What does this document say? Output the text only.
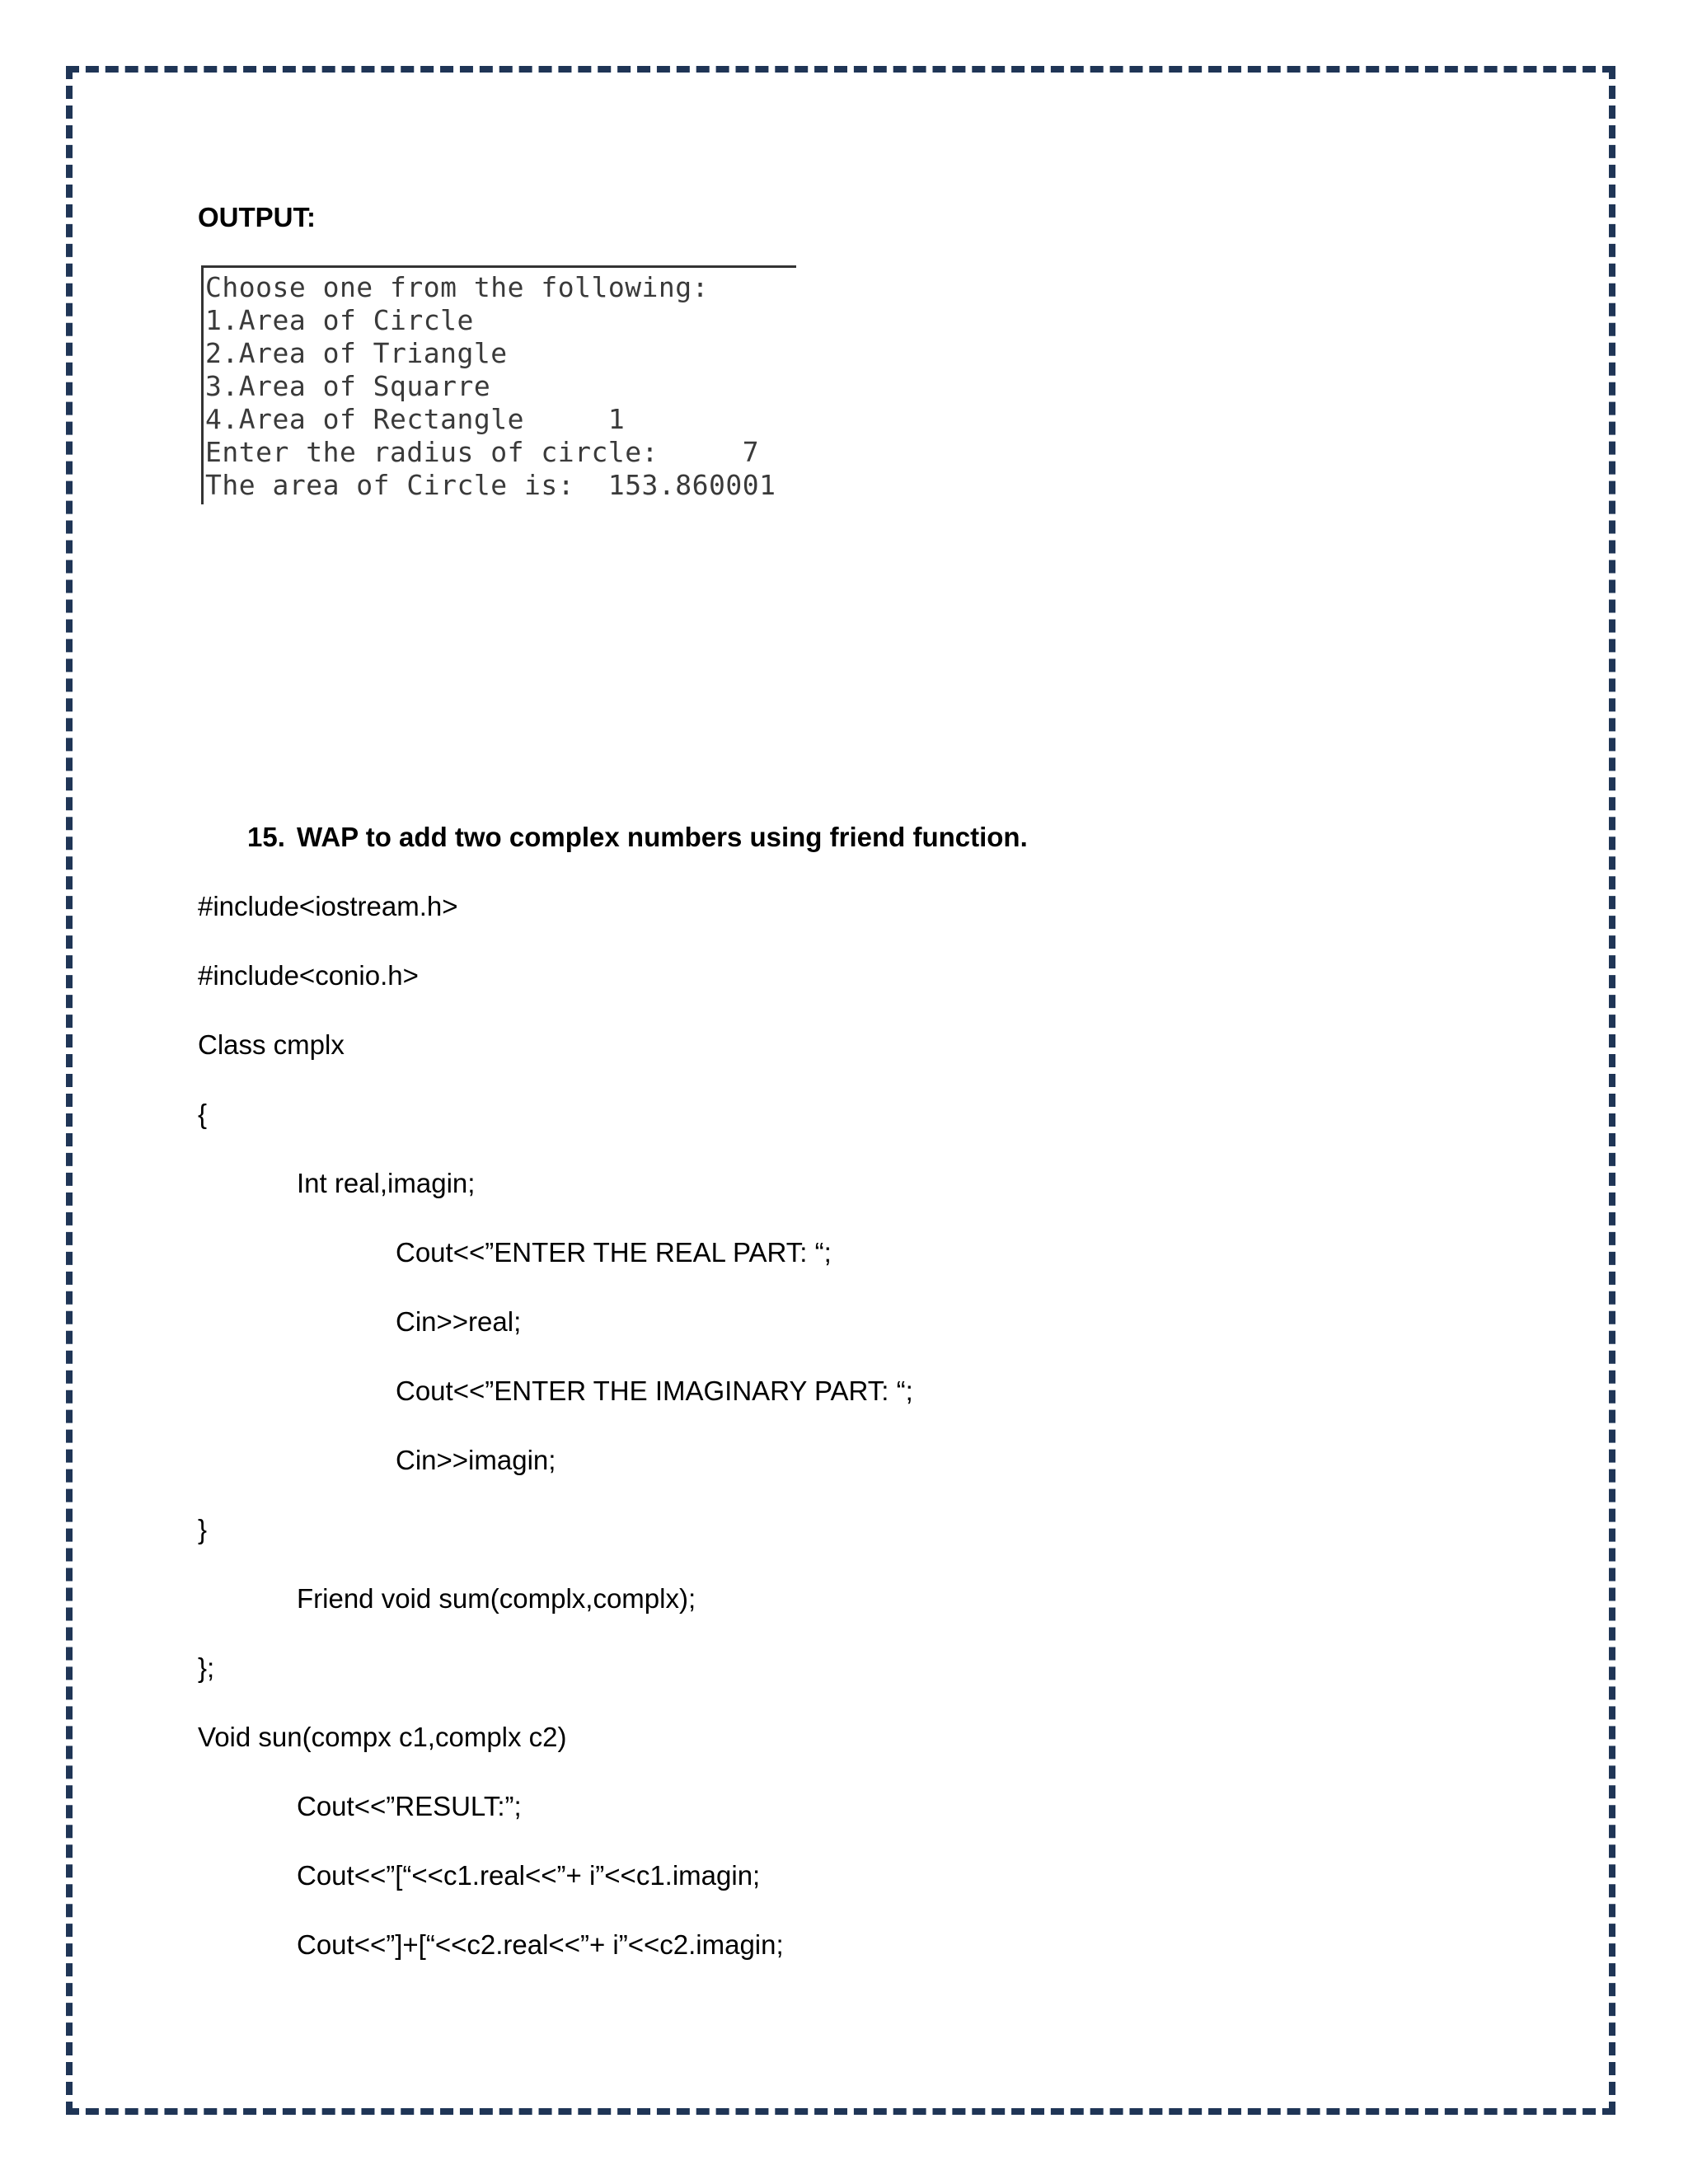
OUTPUT:
Choose one from the following:
1.Area of Circle
2.Area of Triangle
3.Area of Squarre
4.Area of Rectangle     1
Enter the radius of circle:     7
The area of Circle is:  153.860001
15. WAP to add two complex numbers using friend function.

#include<iostream.h>

#include<conio.h>

Class cmplx

{

Int real,imagin;

Cout<<”ENTER THE REAL PART: “;

Cin>>real;

Cout<<”ENTER THE IMAGINARY PART: “;

Cin>>imagin;

}

Friend void sum(complx,complx);

};

Void sun(compx c1,complx c2)

Cout<<”RESULT:”;

Cout<<”[“<<c1.real<<”+ i”<<c1.imagin;

Cout<<”]+[“<<c2.real<<”+ i”<<c2.imagin;
